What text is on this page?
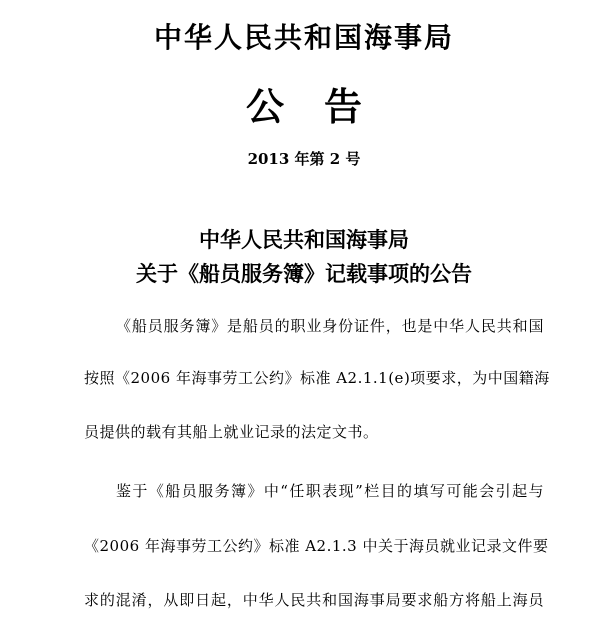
中华人民共和国海事局
公告
2013 年第 2 号
中华人民共和国海事局
关于《船员服务簿》记载事项的公告
《船员服务簿》是船员的职业身份证件，也是中华人民共和国
按照《2006 年海事劳工公约》标准 A2.1.1(e)项要求，为中国籍海
员提供的载有其船上就业记录的法定文书。
鉴于《船员服务簿》中“任职表现”栏目的填写可能会引起与
《2006 年海事劳工公约》标准 A2.1.3 中关于海员就业记录文件要
求的混淆，从即日起，中华人民共和国海事局要求船方将船上海员
